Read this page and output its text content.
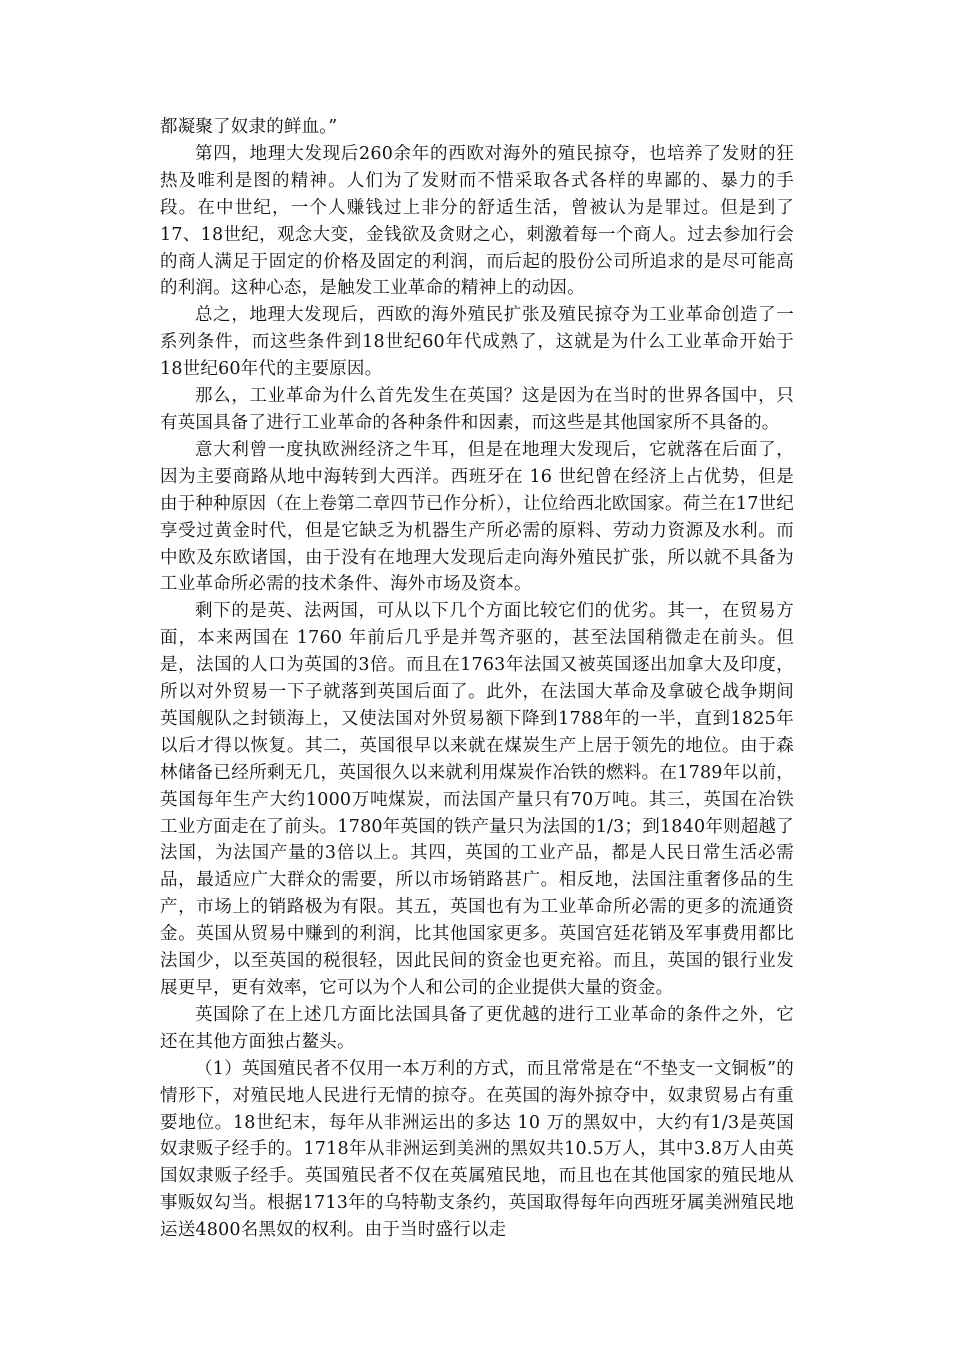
都凝聚了奴隶的鲜血。”

第四，地理大发现后260余年的西欧对海外的殖民掠夺，也培养了发财的狂热及唯利是图的精神。人们为了发财而不惜采取各式各样的卑鄙的、暴力的手段。在中世纪，一个人赚钱过上非分的舒适生活，曾被认为是罪过。但是到了17、18世纪，观念大变，金钱欲及贪财之心，刺激着每一个商人。过去参加行会的商人满足于固定的价格及固定的利润，而后起的股份公司所追求的是尽可能高的利润。这种心态，是触发工业革命的精神上的动因。

总之，地理大发现后，西欧的海外殖民扩张及殖民掠夺为工业革命创造了一系列条件，而这些条件到18世纪60年代成熟了，这就是为什么工业革命开始于18世纪60年代的主要原因。

那么，工业革命为什么首先发生在英国？这是因为在当时的世界各国中，只有英国具备了进行工业革命的各种条件和因素，而这些是其他国家所不具备的。

意大利曾一度执欧洲经济之牛耳，但是在地理大发现后，它就落在后面了，因为主要商路从地中海转到大西洋。西班牙在 16 世纪曾在经济上占优势，但是由于种种原因（在上卷第二章四节已作分析），让位给西北欧国家。荷兰在17世纪享受过黄金时代，但是它缺乏为机器生产所必需的原料、劳动力资源及水利。而中欧及东欧诸国，由于没有在地理大发现后走向海外殖民扩张，所以就不具备为工业革命所必需的技术条件、海外市场及资本。

剩下的是英、法两国，可从以下几个方面比较它们的优劣。其一，在贸易方面，本来两国在 1760 年前后几乎是并驾齐驱的，甚至法国稍微走在前头。但是，法国的人口为英国的3倍。而且在1763年法国又被英国逐出加拿大及印度，所以对外贸易一下子就落到英国后面了。此外，在法国大革命及拿破仑战争期间英国舰队之封锁海上，又使法国对外贸易额下降到1788年的一半，直到1825年以后才得以恢复。其二，英国很早以来就在煤炭生产上居于领先的地位。由于森林储备已经所剩无几，英国很久以来就利用煤炭作冶铁的燃料。在1789年以前，英国每年生产大约1000万吨煤炭，而法国产量只有70万吨。其三，英国在冶铁工业方面走在了前头。1780年英国的铁产量只为法国的1/3；到1840年则超越了法国，为法国产量的3倍以上。其四，英国的工业产品，都是人民日常生活必需品，最适应广大群众的需要，所以市场销路甚广。相反地，法国注重奢侈品的生产，市场上的销路极为有限。其五，英国也有为工业革命所必需的更多的流通资金。英国从贸易中赚到的利润，比其他国家更多。英国宫廷花销及军事费用都比法国少，以至英国的税很轻，因此民间的资金也更充裕。而且，英国的银行业发展更早，更有效率，它可以为个人和公司的企业提供大量的资金。

英国除了在上述几方面比法国具备了更优越的进行工业革命的条件之外，它还在其他方面独占鳌头。

（1）英国殖民者不仅用一本万利的方式，而且常常是在“不垫支一文铜板”的情形下，对殖民地人民进行无情的掠夺。在英国的海外掠夺中，奴隶贸易占有重要地位。18世纪末，每年从非洲运出的多达 10 万的黑奴中，大约有1/3是英国奴隶贩子经手的。1718年从非洲运到美洲的黑奴共10.5万人，其中3.8万人由英国奴隶贩子经手。英国殖民者不仅在英属殖民地，而且也在其他国家的殖民地从事贩奴勾当。根据1713年的乌特勒支条约，英国取得每年向西班牙属美洲殖民地运送4800名黑奴的权利。由于当时盛行以走
